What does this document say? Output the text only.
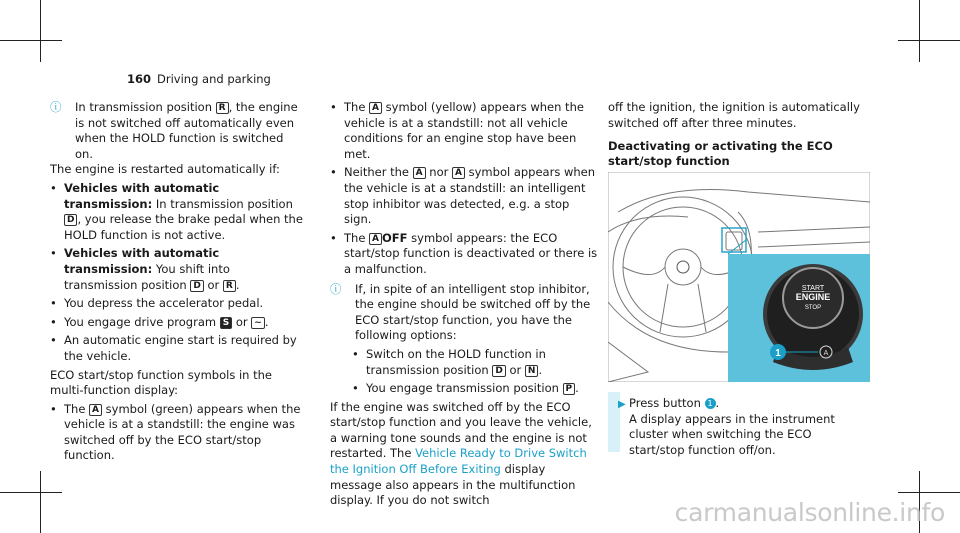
160 Driving and parking
ⓘ	In transmission position R , the engine is not switched off automatically even when the HOLD function is switched on.

The engine is restarted automatically if:

• Vehicles with automatic transmission: In transmission position D , you release the brake pedal when the HOLD function is not active.

• Vehicles with automatic transmission: You shift into transmission position D or R .

• You depress the accelerator pedal.

• You engage drive program S or ~ .

• An automatic engine start is required by the vehicle.

ECO start/stop function symbols in the multi-function display:

• The A symbol (green) appears when the vehicle is at a standstill: the engine was switched off by the ECO start/stop function.

• The A symbol (yellow) appears when the vehicle is at a standstill: not all vehicle conditions for an engine stop have been met.

• Neither the A nor A symbol appears when the vehicle is at a standstill: an intelligent stop inhibitor was detected, e.g. a stop sign.

• The A OFF symbol appears: the ECO start/stop function is deactivated or there is a malfunction.

ⓘ	If, in spite of an intelligent stop inhibitor, the engine should be switched off by the ECO start/stop function, you have the following options:

• Switch on the HOLD function in transmission position D or N .

• You engage transmission position P .

If the engine was switched off by the ECO start/stop function and you leave the vehicle, a warning tone sounds and the engine is not restarted. The Vehicle Ready to Drive Switch the Ignition Off Before Exiting display message also appears in the multifunction display. If you do not switch

off the ignition, the ignition is automatically switched off after three minutes.

Deactivating or activating the ECO start/stop function
START
ENGINE
STOP
A
1
▶ Press button 1 .

A display appears in the instrument cluster when switching the ECO start/stop function off/on.

carmanualsonline.info
